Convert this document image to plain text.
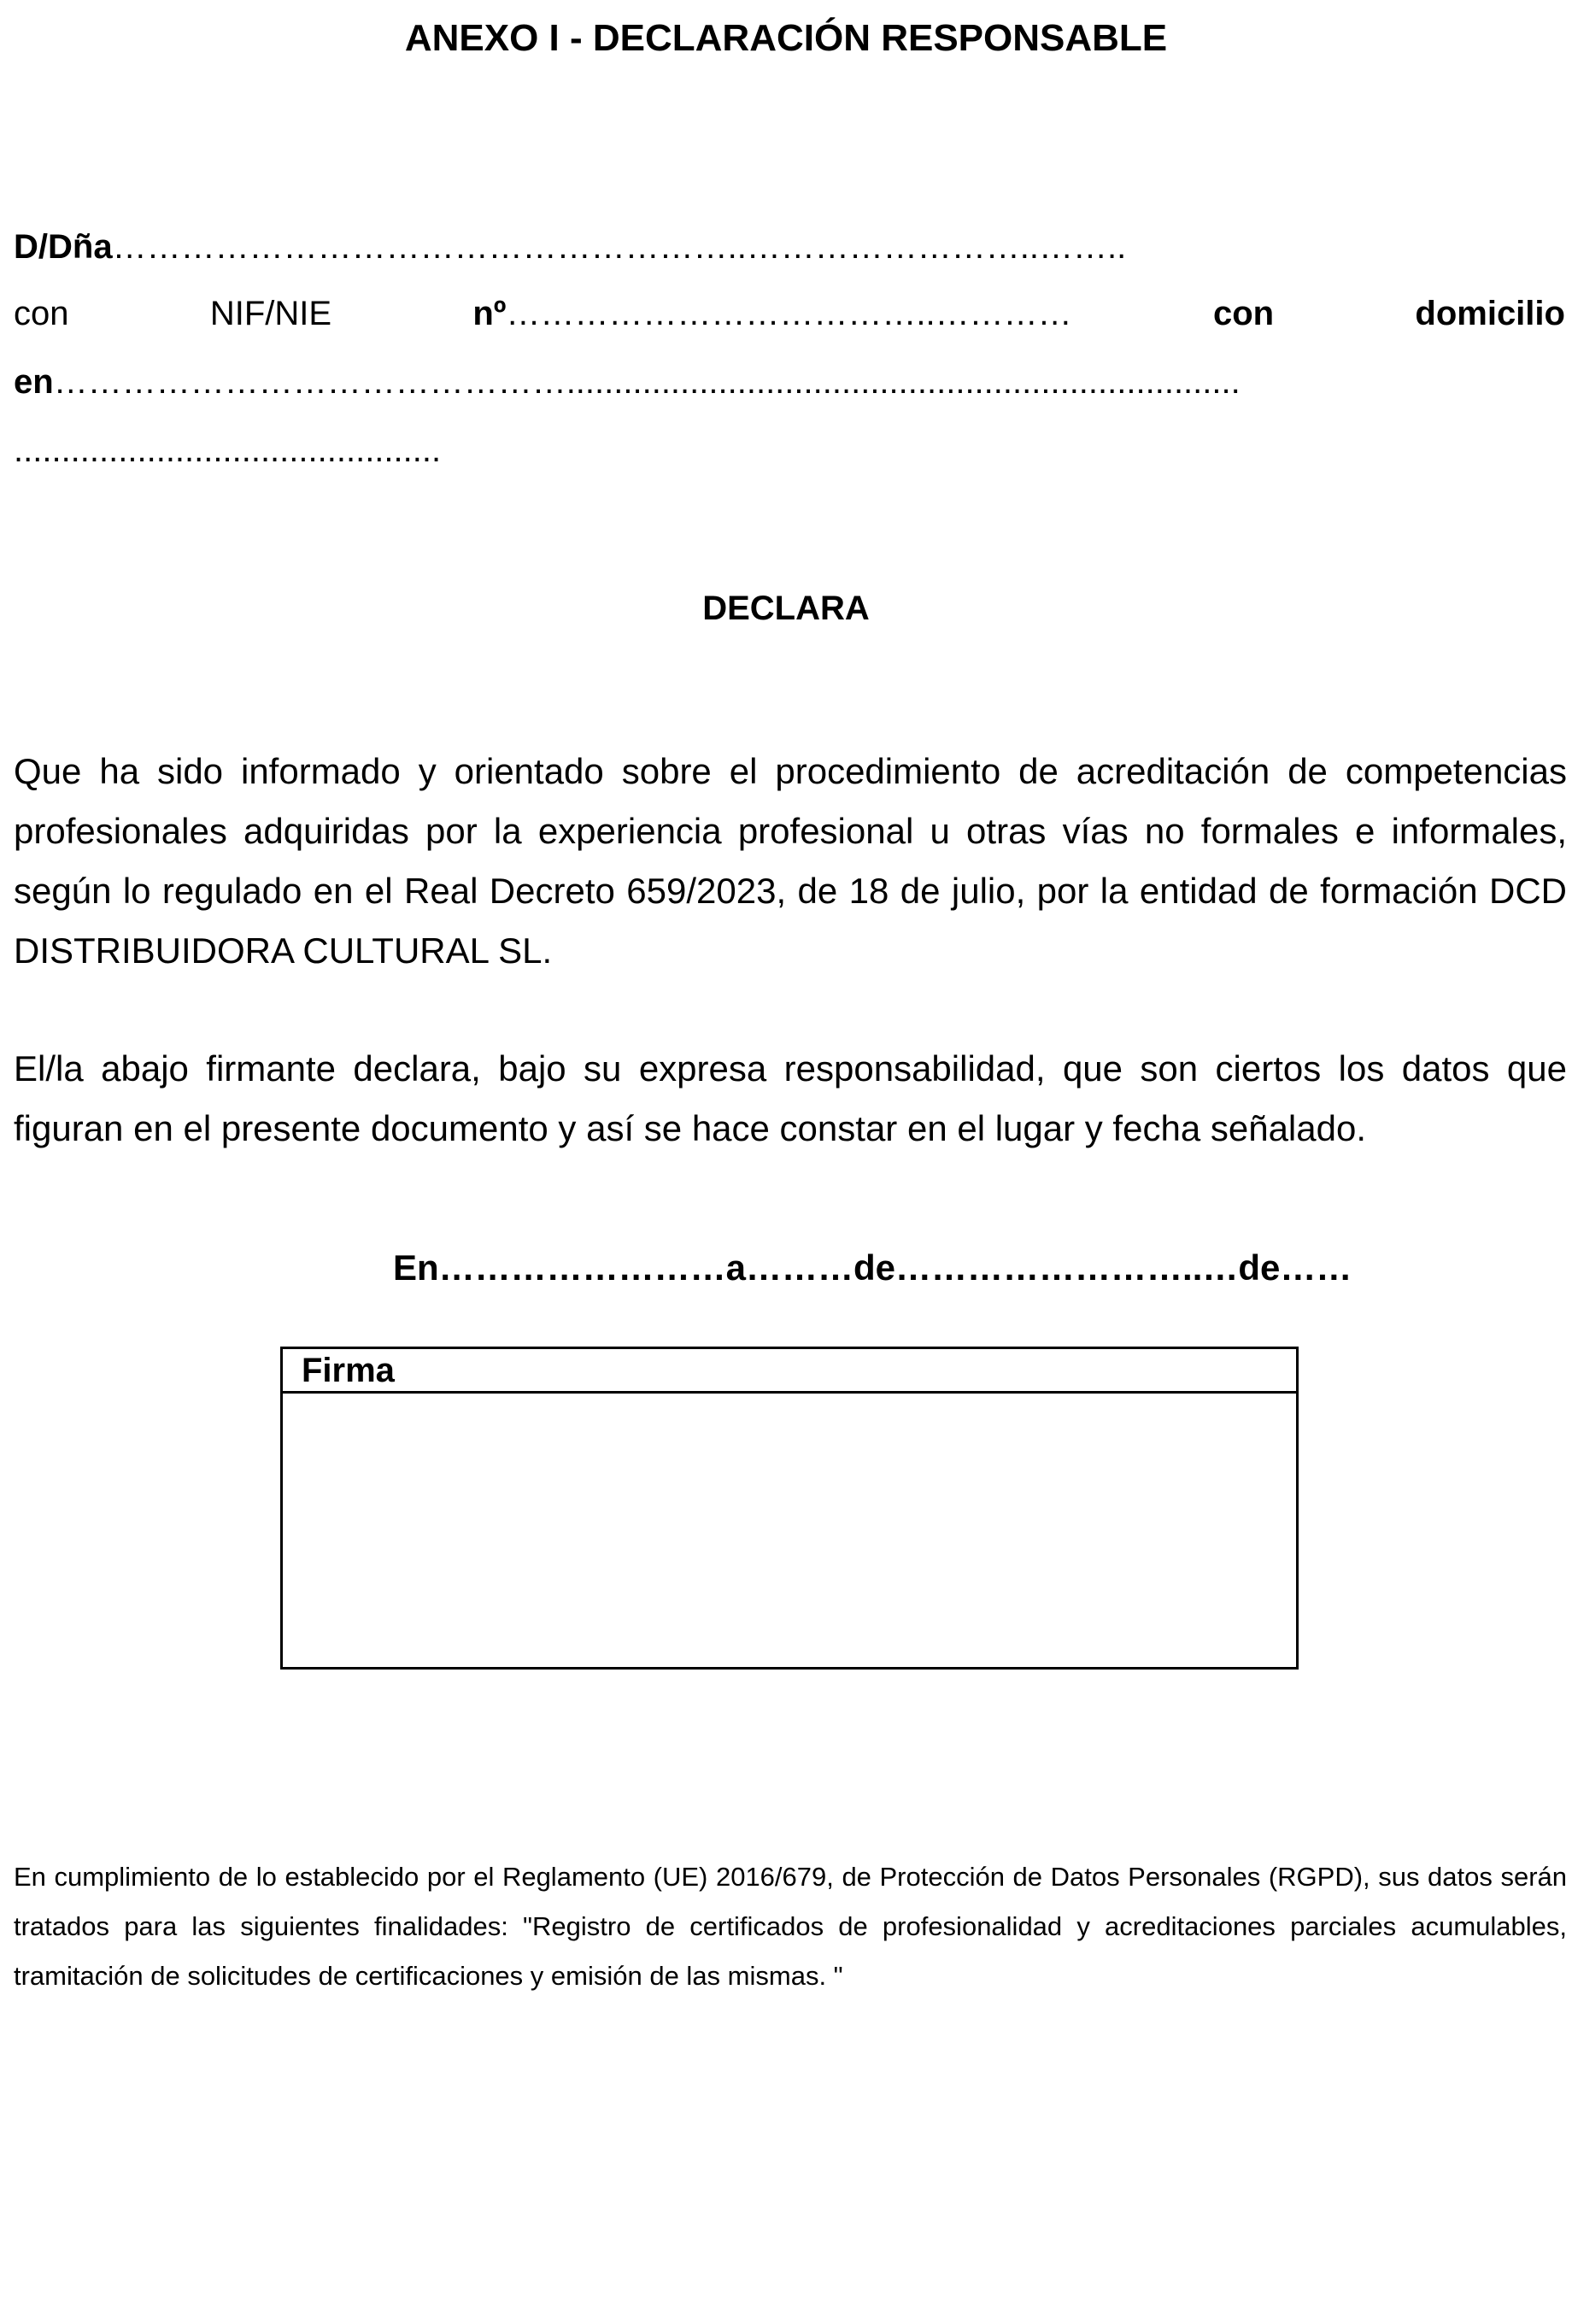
ANEXO I - DECLARACIÓN RESPONSABLE
D/Dña………………………………………………..……………………..……..
con	NIF/NIE	nº………………………………..…………	con	domicilio
en……………………………………….......................................................................
.............................................
DECLARA

Que ha sido informado y orientado sobre el procedimiento de acreditación de competencias profesionales adquiridas por la experiencia profesional u otras vías no formales e informales, según lo regulado en el Real Decreto 659/2023, de 18 de julio, por la entidad de formación DCD DISTRIBUIDORA CULTURAL SL.

El/la abajo firmante declara, bajo su expresa responsabilidad, que son ciertos los datos que figuran en el presente documento y así se hace constar en el lugar y fecha señalado.

En……………………a………de……………………..…de……
Firma

En cumplimiento de lo establecido por el Reglamento (UE) 2016/679, de Protección de Datos Personales (RGPD), sus datos serán tratados para las siguientes finalidades: "Registro de certificados de profesionalidad y acreditaciones parciales acumulables, tramitación de solicitudes de certificaciones y emisión de las mismas. "
